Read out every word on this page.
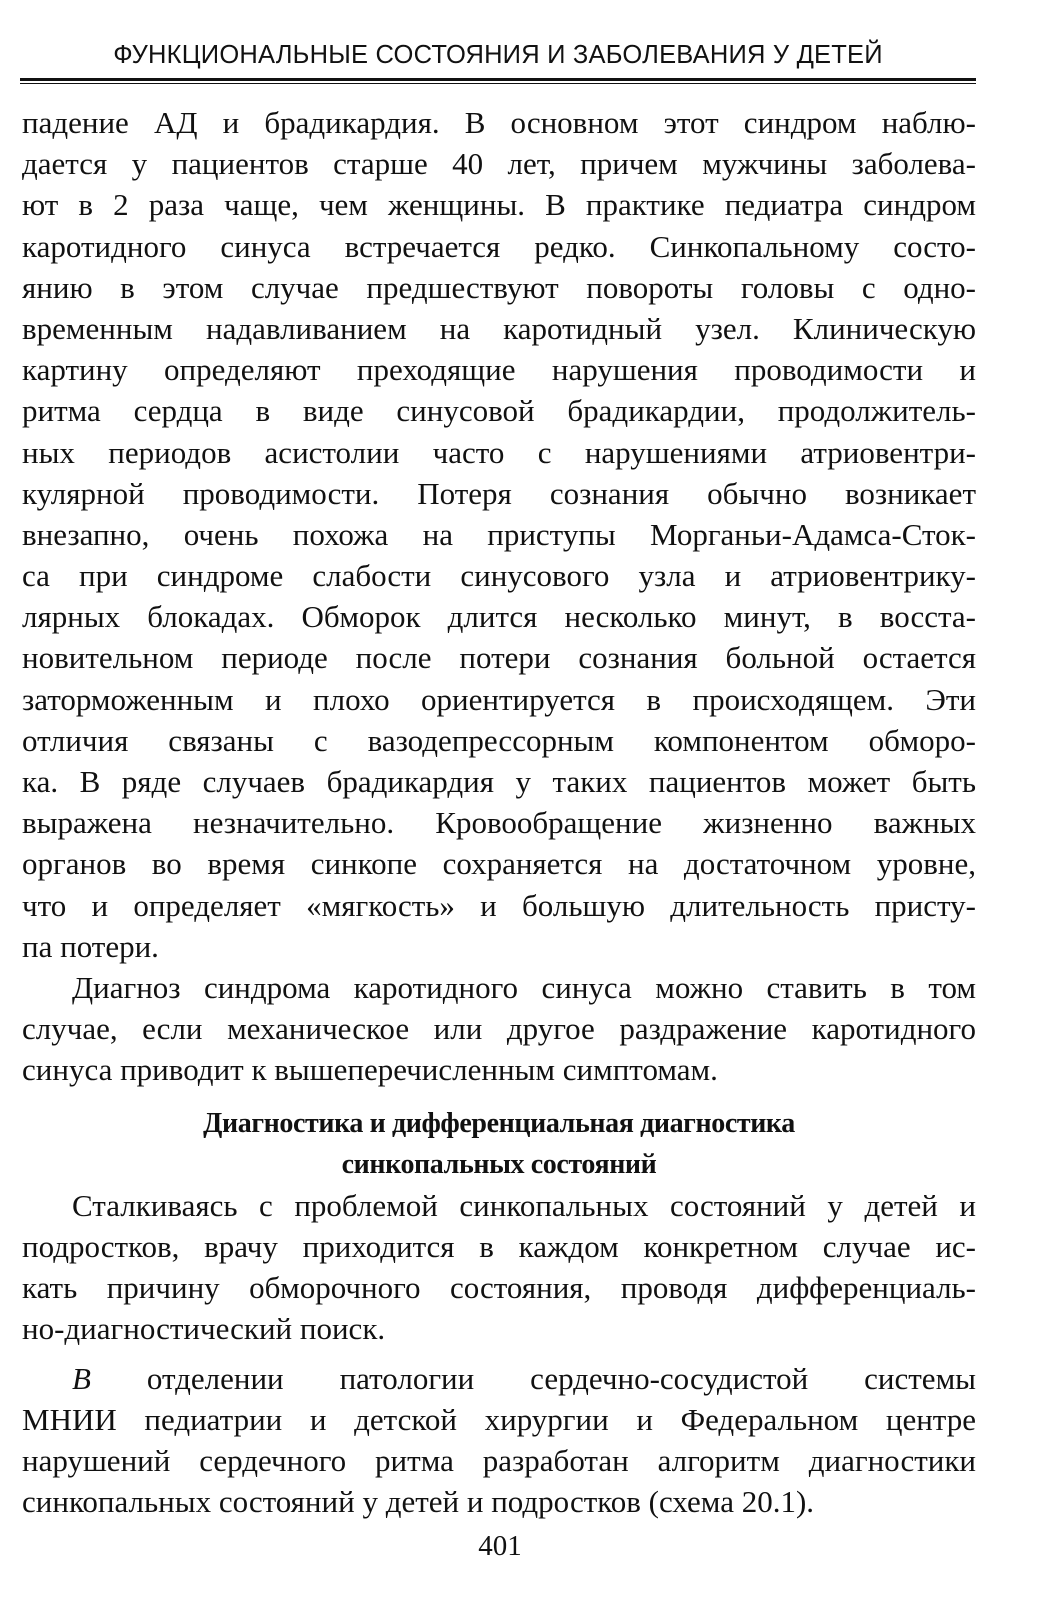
ФУНКЦИОНАЛЬНЫЕ СОСТОЯНИЯ И ЗАБОЛЕВАНИЯ У ДЕТЕЙ
падение АД и брадикардия. В основном этот синдром наблю-
дается у пациентов старше 40 лет, причем мужчины заболева-
ют в 2 раза чаще, чем женщины. В практике педиатра синдром
каротидного синуса встречается редко. Синкопальному состо-
янию в этом случае предшествуют повороты головы с одно-
временным надавливанием на каротидный узел. Клиническую
картину определяют преходящие нарушения проводимости и
ритма сердца в виде синусовой брадикардии, продолжитель-
ных периодов асистолии часто с нарушениями атриовентри-
кулярной проводимости. Потеря сознания обычно возникает
внезапно, очень похожа на приступы Морганьи-Адамса-Сток-
са при синдроме слабости синусового узла и атриовентрику-
лярных блокадах. Обморок длится несколько минут, в восста-
новительном периоде после потери сознания больной остается
заторможенным и плохо ориентируется в происходящем. Эти
отличия связаны с вазодепрессорным компонентом обморо-
ка. В ряде случаев брадикардия у таких пациентов может быть
выражена незначительно. Кровообращение жизненно важных
органов во время синкопе сохраняется на достаточном уровне,
что и определяет «мягкость» и большую длительность присту-
па потери.
Диагноз синдрома каротидного синуса можно ставить в том
случае, если механическое или другое раздражение каротидного
синуса приводит к вышеперечисленным симптомам.
Диагностика и дифференциальная диагностика
синкопальных состояний
Сталкиваясь с проблемой синкопальных состояний у детей и
подростков, врачу приходится в каждом конкретном случае ис-
кать причину обморочного состояния, проводя дифференциаль-
но-диагностический поиск.
В отделении патологии сердечно-сосудистой системы
МНИИ педиатрии и детской хирургии и Федеральном центре
нарушений сердечного ритма разработан алгоритм диагностики
синкопальных состояний у детей и подростков (схема 20.1).
401
